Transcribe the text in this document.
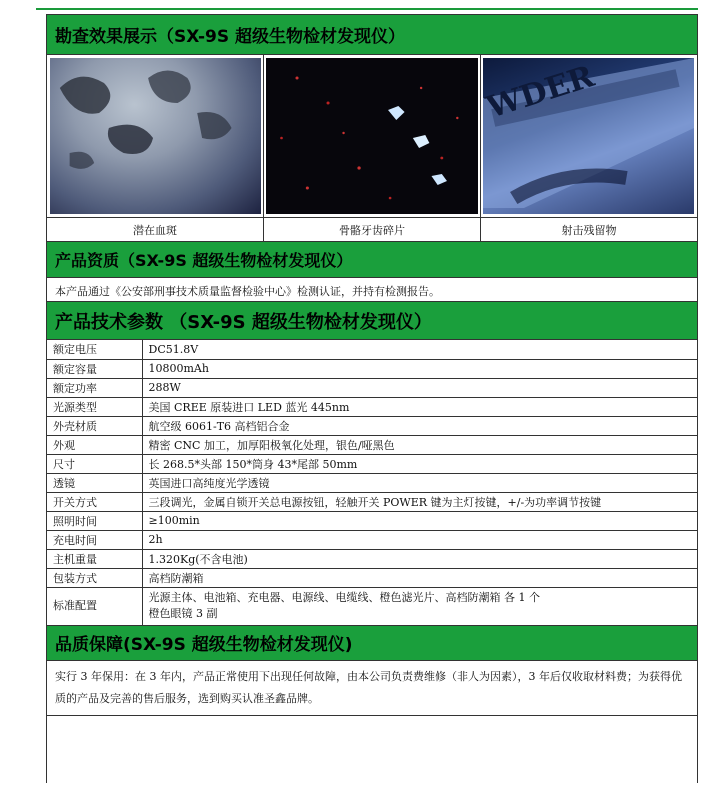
勘查效果展示（SX-9S 超级生物检材发现仪）
WDER
潜在血斑	骨骼牙齿碎片	射击残留物
产品资质（SX-9S 超级生物检材发现仪）
本产品通过《公安部刑事技术质量监督检验中心》检测认证，并持有检测报告。
产品技术参数 （SX-9S 超级生物检材发现仪）
额定电压	DC51.8V
额定容量	10800mAh
额定功率	288W
光源类型	美国 CREE 原装进口 LED 蓝光 445nm
外壳材质	航空级 6061-T6 高档铝合金
外观	精密 CNC 加工，加厚阳极氧化处理，银色/哑黑色
尺寸	长 268.5*头部 150*筒身 43*尾部 50mm
透镜	英国进口高纯度光学透镜
开关方式	三段调光，金属自锁开关总电源按钮，轻触开关 POWER 键为主灯按键，+/-为功率调节按键
照明时间	≥100min
充电时间	2h
主机重量	1.320Kg(不含电池)
包装方式	高档防潮箱
标准配置	光源主体、电池箱、充电器、电源线、电缆线、橙色滤光片、高档防潮箱 各 1 个
橙色眼镜 3 副
品质保障(SX-9S 超级生物检材发现仪)
实行 3 年保用：在 3 年内，产品正常使用下出现任何故障，由本公司负责费维修（非人为因素），3 年后仅收取材料费；为获得优质的产品及完善的售后服务，选到购买认准圣鑫品牌。
